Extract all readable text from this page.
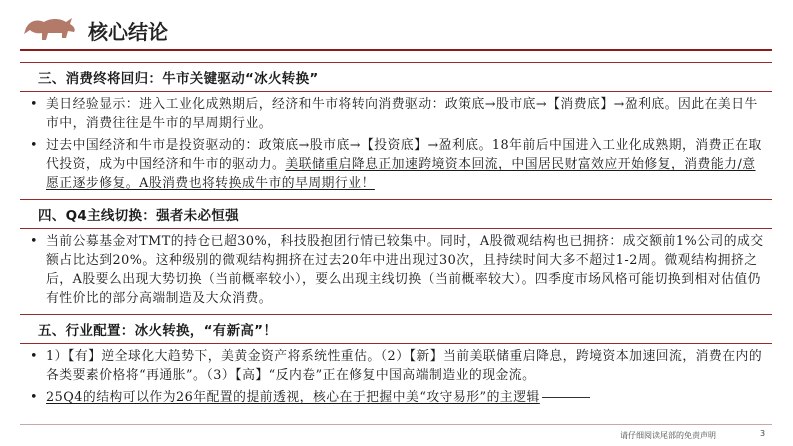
核心结论
三、消费终将回归：牛市关键驱动“冰火转换”
• 美日经验显示：进入工业化成熟期后，经济和牛市将转向消费驱动：政策底→股市底→【消费底】→盈利底。因此在美日牛市中，消费往往是牛市的早周期行业。
• 过去中国经济和牛市是投资驱动的：政策底→股市底→【投资底】→盈利底。18年前后中国进入工业化成熟期，消费正在取代投资，成为中国经济和牛市的驱动力。美联储重启降息正加速跨境资本回流，中国居民财富效应开始修复，消费能力/意愿正逐步修复。A股消费也将转换成牛市的早周期行业！
四、Q4主线切换：强者未必恒强
• 当前公募基金对TMT的持仓已超30%，科技股抱团行情已较集中。同时，A股微观结构也已拥挤：成交额前1%公司的成交额占比达到20%。这种级别的微观结构拥挤在过去20年中进出现过30次，且持续时间大多不超过1-2周。微观结构拥挤之后，A股要么出现大势切换（当前概率较小），要么出现主线切换（当前概率较大）。四季度市场风格可能切换到相对估值仍有性价比的部分高端制造及大众消费。
五、行业配置：冰火转换，“有新高”！
• 1）【有】逆全球化大趋势下，美黄金资产将系统性重估。（2）【新】当前美联储重启降息，跨境资本加速回流，消费在内的各类要素价格将“再通胀”。（3）【高】“反内卷”正在修复中国高端制造业的现金流。
• 25Q4的结构可以作为26年配置的提前透视，核心在于把握中美“攻守易形”的主逻辑
请仔细阅读尾部的免责声明	3
